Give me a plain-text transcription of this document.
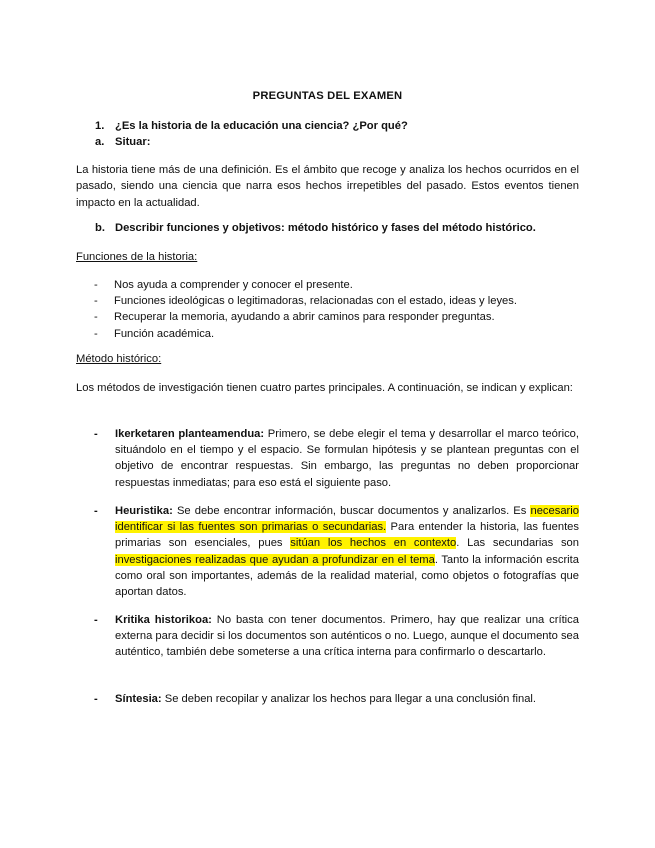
PREGUNTAS DEL EXAMEN
1. ¿Es la historia de la educación una ciencia? ¿Por qué?
a. Situar:
La historia tiene más de una definición. Es el ámbito que recoge y analiza los hechos ocurridos en el pasado, siendo una ciencia que narra esos hechos irrepetibles del pasado. Estos eventos tienen impacto en la actualidad.
b. Describir funciones y objetivos: método histórico y fases del método histórico.
Funciones de la historia:
- Nos ayuda a comprender y conocer el presente.
- Funciones ideológicas o legitimadoras, relacionadas con el estado, ideas y leyes.
- Recuperar la memoria, ayudando a abrir caminos para responder preguntas.
- Función académica.
Método histórico:
Los métodos de investigación tienen cuatro partes principales. A continuación, se indican y explican:
- Ikerketaren planteamendua: Primero, se debe elegir el tema y desarrollar el marco teórico, situándolo en el tiempo y el espacio. Se formulan hipótesis y se plantean preguntas con el objetivo de encontrar respuestas. Sin embargo, las preguntas no deben proporcionar respuestas inmediatas; para eso está el siguiente paso.
- Heuristika: Se debe encontrar información, buscar documentos y analizarlos. Es necesario identificar si las fuentes son primarias o secundarias. Para entender la historia, las fuentes primarias son esenciales, pues sitúan los hechos en contexto. Las secundarias son investigaciones realizadas que ayudan a profundizar en el tema. Tanto la información escrita como oral son importantes, además de la realidad material, como objetos o fotografías que aportan datos.
- Kritika historikoa: No basta con tener documentos. Primero, hay que realizar una crítica externa para decidir si los documentos son auténticos o no. Luego, aunque el documento sea auténtico, también debe someterse a una crítica interna para confirmarlo o descartarlo.
- Síntesia: Se deben recopilar y analizar los hechos para llegar a una conclusión final.
